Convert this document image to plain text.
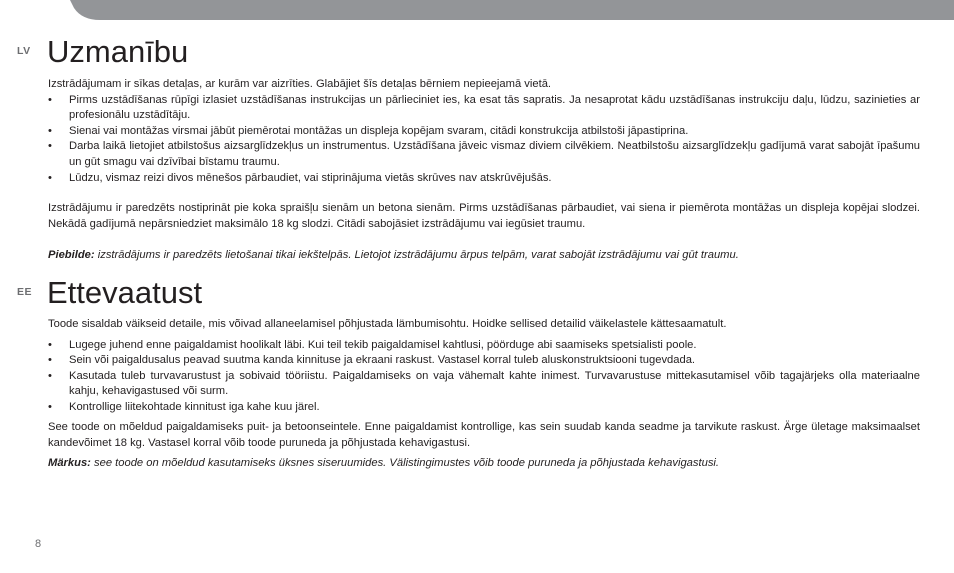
LV Uzmanību

Izstrādājumam ir sīkas detaļas, ar kurām var aizrīties. Glabājiet šīs detaļas bērniem nepieejamā vietā.

• Pirms uzstādīšanas rūpīgi izlasiet uzstādīšanas instrukcijas un pārlieciniet ies, ka esat tās sapratis. Ja nesaprotat kādu uzstādīšanas instrukciju daļu, lūdzu, sazinieties ar profesionālu uzstādītāju.
• Sienai vai montāžas virsmai jābūt piemērotai montāžas un displeja kopējam svaram, citādi konstrukcija atbilstoši jāpastiprina.
• Darba laikā lietojiet atbilstošus aizsarglīdzekļus un instrumentus. Uzstādīšana jāveic vismaz diviem cilvēkiem. Neatbilstošu aizsarglīdzekļu gadījumā varat sabojāt īpašumu un gūt smagu vai dzīvībai bīstamu traumu.
• Lūdzu, vismaz reizi divos mēnešos pārbaudiet, vai stiprinājuma vietās skrūves nav atskrūvējušās.

Izstrādājumu ir paredzēts nostiprināt pie koka spraišļu sienām un betona sienām. Pirms uzstādīšanas pārbaudiet, vai siena ir piemērota montāžas un displeja kopējai slodzei. Nekādā gadījumā nepārsniedziet maksimālo 18 kg slodzi. Citādi sabojāsiet izstrādājumu vai iegūsiet traumu.

Piebilde: izstrādājums ir paredzēts lietošanai tikai iekštelpās. Lietojot izstrādājumu ārpus telpām, varat sabojāt izstrādājumu vai gūt traumu.

EE Ettevaatust

Toode sisaldab väikseid detaile, mis võivad allaneelamisel põhjustada lämbumisohtu. Hoidke sellised detailid väikelastele kättesaamatult.

• Lugege juhend enne paigaldamist hoolikalt läbi. Kui teil tekib paigaldamisel kahtlusi, pöörduge abi saamiseks spetsialisti poole.
• Sein või paigaldusalus peavad suutma kanda kinnituse ja ekraani raskust. Vastasel korral tuleb aluskonstruktsiooni tugevdada.
• Kasutada tuleb turvavarustust ja sobivaid tööriistu. Paigaldamiseks on vaja vähemalt kahte inimest. Turvavarustuse mittekasutamisel võib tagajärjeks olla materiaalne kahju, kehavigastused või surm.
• Kontrollige liitekohtade kinnitust iga kahe kuu järel.

See toode on mõeldud paigaldamiseks puit- ja betoonseintele. Enne paigaldamist kontrollige, kas sein suudab kanda seadme ja tarvikute raskust. Ärge ületage maksimaalset kandevõimet 18 kg. Vastasel korral võib toode puruneda ja põhjustada kehavigastusi.

Märkus: see toode on mõeldud kasutamiseks üksnes siseruumides. Välistingimustes võib toode puruneda ja põhjustada kehavigastusi.

8
